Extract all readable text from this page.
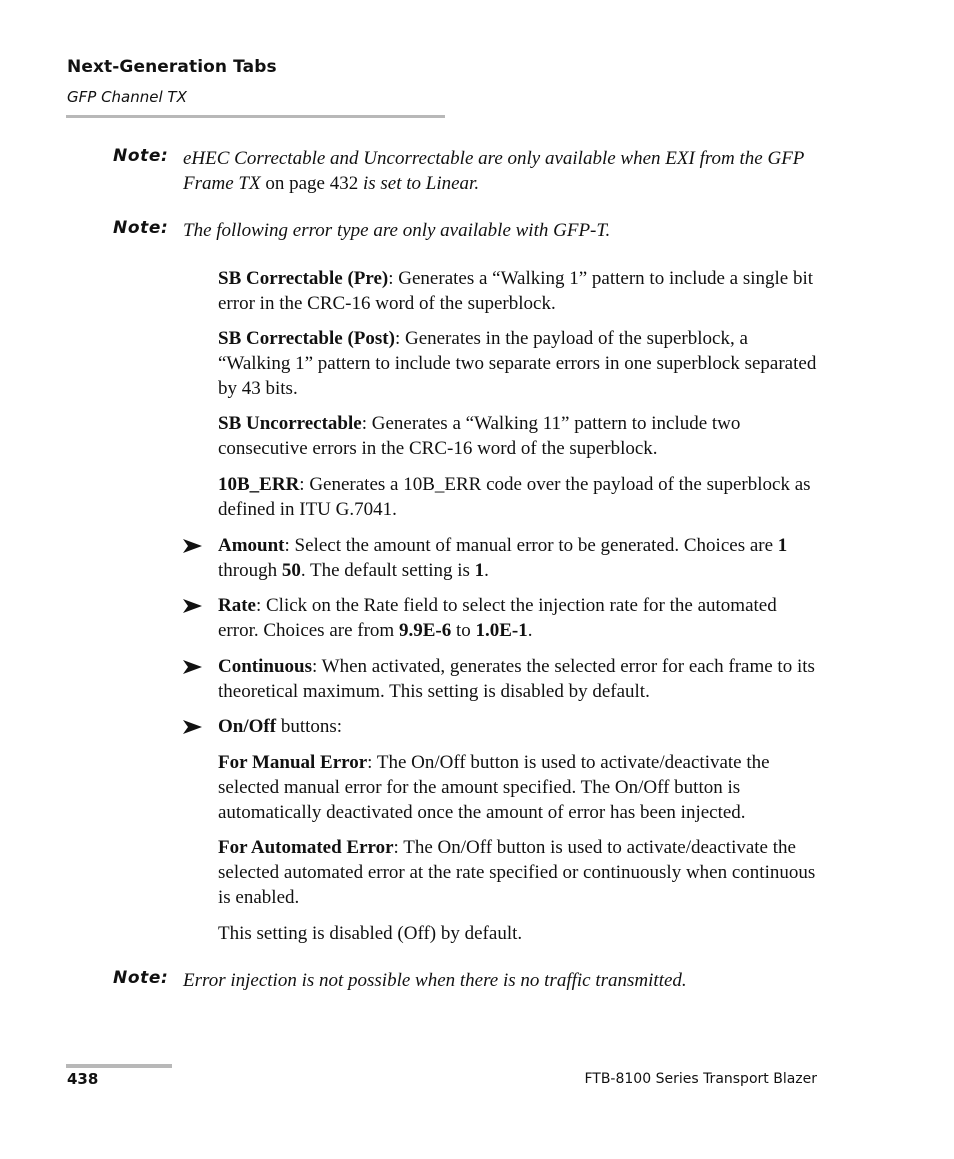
Next-Generation Tabs
GFP Channel TX
Note: eHEC Correctable and Uncorrectable are only available when EXI from the GFP Frame TX on page 432 is set to Linear.
Note: The following error type are only available with GFP-T.
SB Correctable (Pre): Generates a “Walking 1” pattern to include a single bit error in the CRC-16 word of the superblock.
SB Correctable (Post): Generates in the payload of the superblock, a “Walking 1” pattern to include two separate errors in one superblock separated by 43 bits.
SB Uncorrectable: Generates a “Walking 11” pattern to include two consecutive errors in the CRC-16 word of the superblock.
10B_ERR: Generates a 10B_ERR code over the payload of the superblock as defined in ITU G.7041.
Amount: Select the amount of manual error to be generated. Choices are 1 through 50. The default setting is 1.
Rate: Click on the Rate field to select the injection rate for the automated error. Choices are from 9.9E-6 to 1.0E-1.
Continuous: When activated, generates the selected error for each frame to its theoretical maximum. This setting is disabled by default.
On/Off buttons:
For Manual Error: The On/Off button is used to activate/deactivate the selected manual error for the amount specified. The On/Off button is automatically deactivated once the amount of error has been injected.
For Automated Error: The On/Off button is used to activate/deactivate the selected automated error at the rate specified or continuously when continuous is enabled.
This setting is disabled (Off) by default.
Note: Error injection is not possible when there is no traffic transmitted.
438	FTB-8100 Series Transport Blazer
